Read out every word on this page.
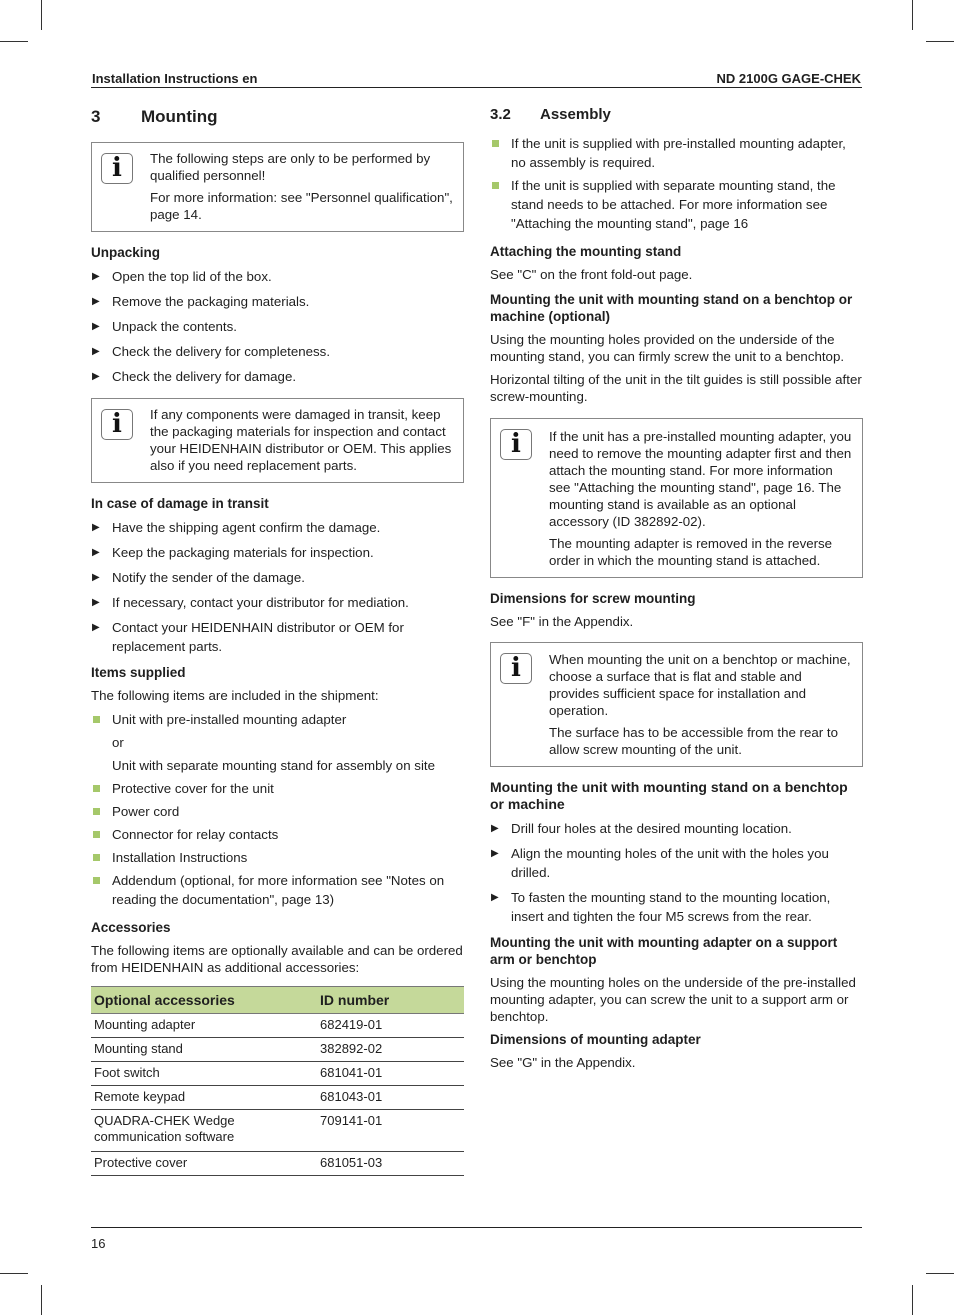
Installation Instructions en	ND 2100G GAGE-CHEK
3	Mounting
i	The following steps are only to be performed by qualified personnel!

For more information: see "Personnel qualification", page 14.

Unpacking
▶ Open the top lid of the box.
▶ Remove the packaging materials.
▶ Unpack the contents.
▶ Check the delivery for completeness.
▶ Check the delivery for damage.
i	If any components were damaged in transit, keep the packaging materials for inspection and contact your HEIDENHAIN distributor or OEM. This applies also if you need replacement parts.

In case of damage in transit
▶ Have the shipping agent confirm the damage.
▶ Keep the packaging materials for inspection.
▶ Notify the sender of the damage.
▶ If necessary, contact your distributor for mediation.
▶ Contact your HEIDENHAIN distributor or OEM for replacement parts.
Items supplied

The following items are included in the shipment:

Unit with pre-installed mounting adapter
or
Unit with separate mounting stand for assembly on site
Protective cover for the unit
Power cord
Connector for relay contacts
Installation Instructions
Addendum (optional, for more information see "Notes on reading the documentation", page 13)
Accessories

The following items are optionally available and can be ordered from HEIDENHAIN as additional accessories:

Optional accessories	ID number
Mounting adapter	682419-01
Mounting stand	382892-02
Foot switch	681041-01
Remote keypad	681043-01
QUADRA-CHEK Wedge communication software	709141-01
Protective cover	681051-03
3.2	Assembly
If the unit is supplied with pre-installed mounting adapter, no assembly is required.
If the unit is supplied with separate mounting stand, the stand needs to be attached. For more information see "Attaching the mounting stand", page 16
Attaching the mounting stand

See "C" on the front fold-out page.

Mounting the unit with mounting stand on a benchtop or machine (optional)

Using the mounting holes provided on the underside of the mounting stand, you can firmly screw the unit to a benchtop.

Horizontal tilting of the unit in the tilt guides is still possible after screw-mounting.

i	If the unit has a pre-installed mounting adapter, you need to remove the mounting adapter first and then attach the mounting stand. For more information see "Attaching the mounting stand", page 16. The mounting stand is available as an optional accessory (ID 382892-02).

The mounting adapter is removed in the reverse order in which the mounting stand is attached.

Dimensions for screw mounting

See "F" in the Appendix.

i	When mounting the unit on a benchtop or machine, choose a surface that is flat and stable and provides sufficient space for installation and operation.

The surface has to be accessible from the rear to allow screw mounting of the unit.

Mounting the unit with mounting stand on a benchtop or machine
▶ Drill four holes at the desired mounting location.
▶ Align the mounting holes of the unit with the holes you drilled.
▶ To fasten the mounting stand to the mounting location, insert and tighten the four M5 screws from the rear.
Mounting the unit with mounting adapter on a support arm or benchtop

Using the mounting holes on the underside of the pre-installed mounting adapter, you can screw the unit to a support arm or benchtop.

Dimensions of mounting adapter

See "G" in the Appendix.

16
